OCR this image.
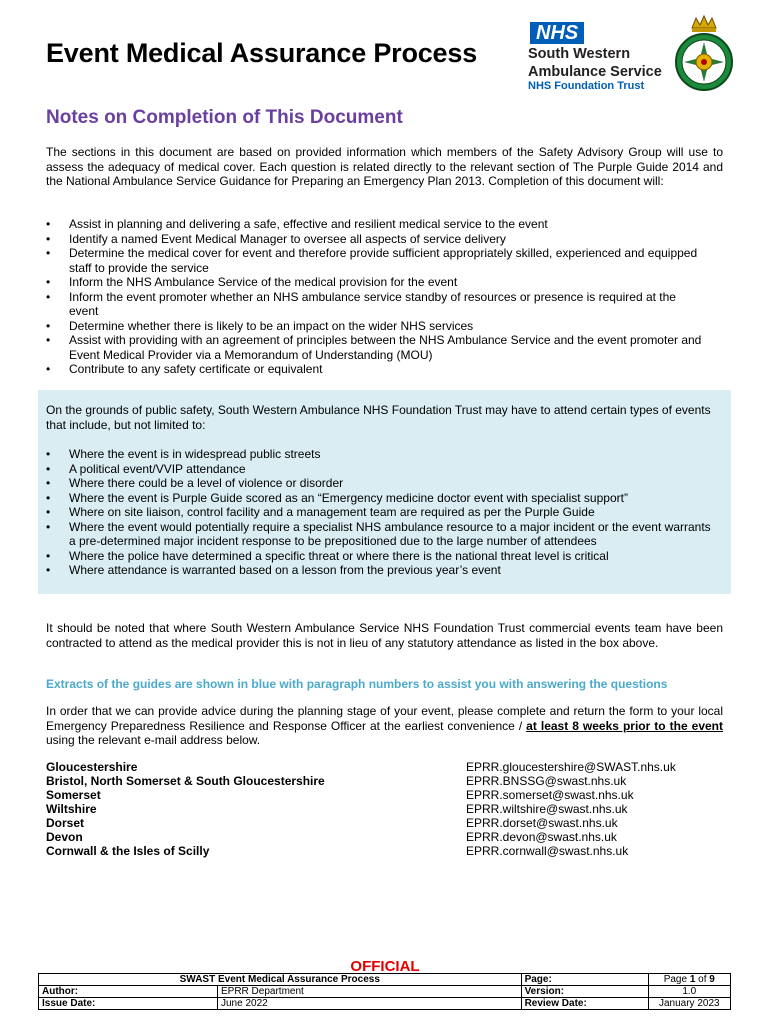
Event Medical Assurance Process
NHS
South Western
Ambulance Service
NHS Foundation Trust
Notes on Completion of This Document
The sections in this document are based on provided information which members of the Safety Advisory Group will use to assess the adequacy of medical cover. Each question is related directly to the relevant section of The Purple Guide 2014 and the National Ambulance Service Guidance for Preparing an Emergency Plan 2013. Completion of this document will:
• Assist in planning and delivering a safe, effective and resilient medical service to the event
• Identify a named Event Medical Manager to oversee all aspects of service delivery
• Determine the medical cover for event and therefore provide sufficient appropriately skilled, experienced and equipped staff to provide the service
• Inform the NHS Ambulance Service of the medical provision for the event
• Inform the event promoter whether an NHS ambulance service standby of resources or presence is required at the event
• Determine whether there is likely to be an impact on the wider NHS services
• Assist with providing with an agreement of principles between the NHS Ambulance Service and the event promoter and Event Medical Provider via a Memorandum of Understanding (MOU)
• Contribute to any safety certificate or equivalent
On the grounds of public safety, South Western Ambulance NHS Foundation Trust may have to attend certain types of events that include, but not limited to:
• Where the event is in widespread public streets
• A political event/VVIP attendance
• Where there could be a level of violence or disorder
• Where the event is Purple Guide scored as an “Emergency medicine doctor event with specialist support”
• Where on site liaison, control facility and a management team are required as per the Purple Guide
• Where the event would potentially require a specialist NHS ambulance resource to a major incident or the event warrants a pre-determined major incident response to be prepositioned due to the large number of attendees
• Where the police have determined a specific threat or where there is the national threat level is critical
• Where attendance is warranted based on a lesson from the previous year’s event
It should be noted that where South Western Ambulance Service NHS Foundation Trust commercial events team have been contracted to attend as the medical provider this is not in lieu of any statutory attendance as listed in the box above.
Extracts of the guides are shown in blue with paragraph numbers to assist you with answering the questions
In order that we can provide advice during the planning stage of your event, please complete and return the form to your local Emergency Preparedness Resilience and Response Officer at the earliest convenience / at least 8 weeks prior to the event using the relevant e-mail address below.
Gloucestershire	EPRR.gloucestershire@SWAST.nhs.uk
Bristol, North Somerset & South Gloucestershire	EPRR.BNSSG@swast.nhs.uk
Somerset	EPRR.somerset@swast.nhs.uk
Wiltshire	EPRR.wiltshire@swast.nhs.uk
Dorset	EPRR.dorset@swast.nhs.uk
Devon	EPRR.devon@swast.nhs.uk
Cornwall & the Isles of Scilly	EPRR.cornwall@swast.nhs.uk
OFFICIAL
SWAST Event Medical Assurance Process		Page:	Page 1 of 9
Author:	EPRR Department	Version:	1.0
Issue Date:	June 2022	Review Date:	January 2023
